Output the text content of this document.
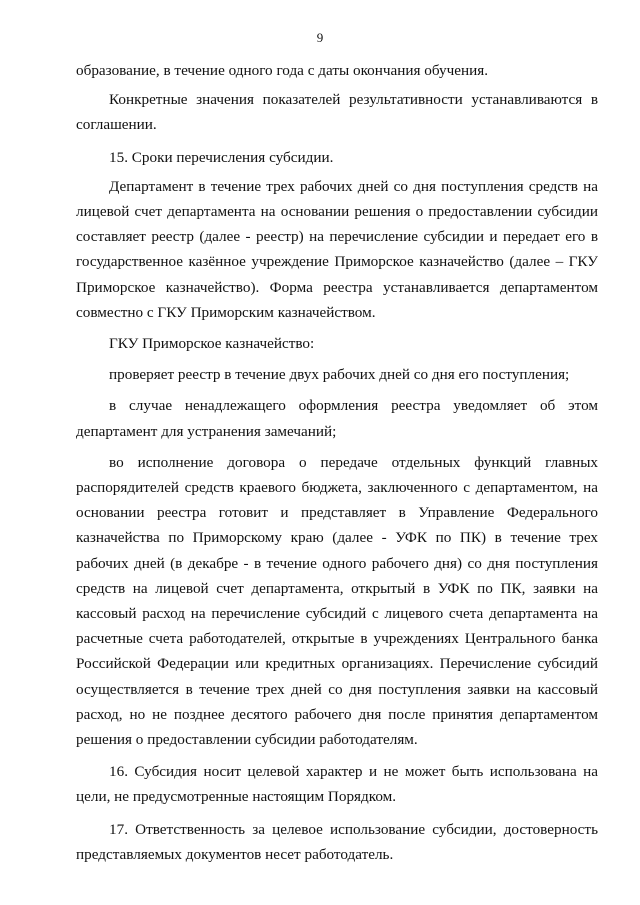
9

образование, в течение одного года с даты окончания обучения.

Конкретные значения показателей результативности устанавливаются в соглашении.

15. Сроки перечисления субсидии.

Департамент в течение трех рабочих дней со дня поступления средств на лицевой счет департамента на основании решения о предоставлении субсидии составляет реестр (далее - реестр) на перечисление субсидии и передает его в государственное казённое учреждение Приморское казначейство (далее – ГКУ Приморское казначейство). Форма реестра устанавливается департаментом совместно с ГКУ Приморским казначейством.

ГКУ Приморское казначейство:

проверяет реестр в течение двух рабочих дней со дня его поступления;

в случае ненадлежащего оформления реестра уведомляет об этом департамент для устранения замечаний;

во исполнение договора о передаче отдельных функций главных распорядителей средств краевого бюджета, заключенного с департаментом, на основании реестра готовит и представляет в Управление Федерального казначейства по Приморскому краю (далее - УФК по ПК) в течение трех рабочих дней (в декабре - в течение одного рабочего дня) со дня поступления средств на лицевой счет департамента, открытый в УФК по ПК, заявки на кассовый расход на перечисление субсидий с лицевого счета департамента на расчетные счета работодателей, открытые в учреждениях Центрального банка Российской Федерации или кредитных организациях. Перечисление субсидий осуществляется в течение трех дней со дня поступления заявки на кассовый расход, но не позднее десятого рабочего дня после принятия департаментом решения о предоставлении субсидии работодателям.

16. Субсидия носит целевой характер и не может быть использована на цели, не предусмотренные настоящим Порядком.

17. Ответственность за целевое использование субсидии, достоверность представляемых документов несет работодатель.
